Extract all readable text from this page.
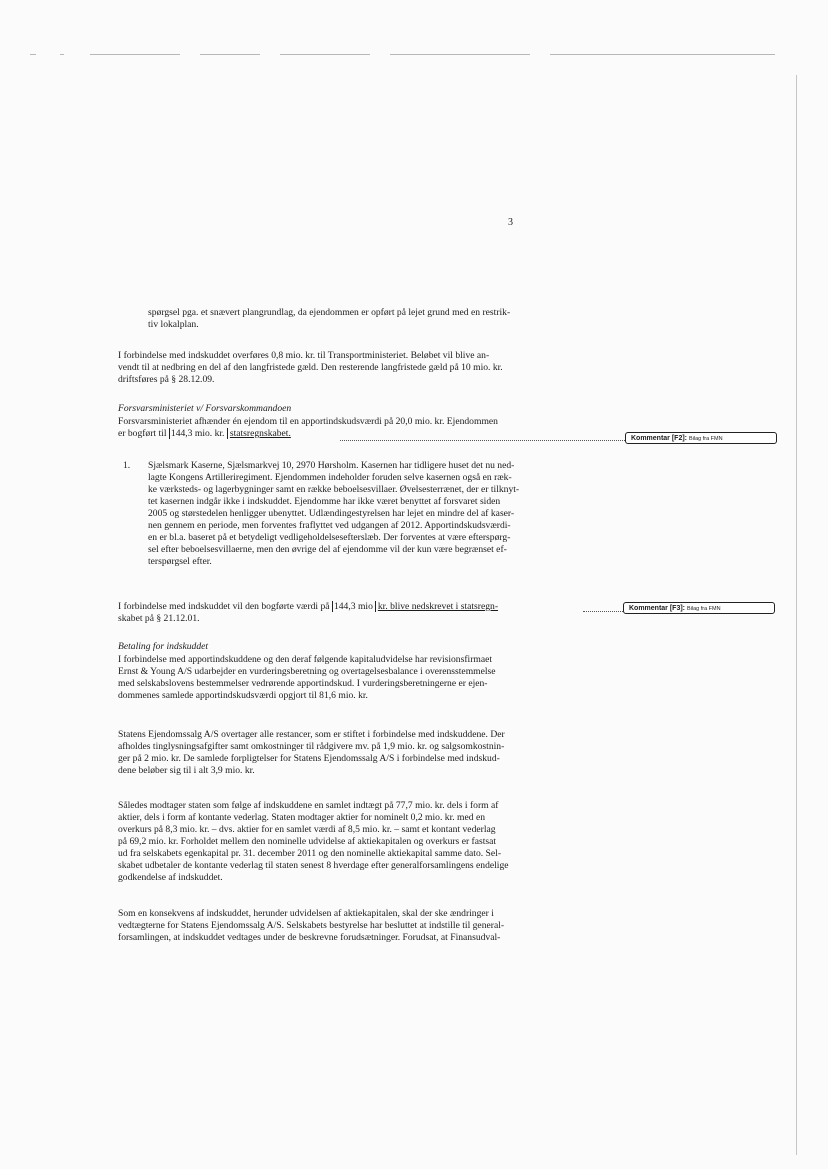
3
spørgsel pga. et snævert plangrundlag, da ejendommen er opført på lejet grund med en restrik-
tiv lokalplan.
I forbindelse med indskuddet overføres 0,8 mio. kr. til Transportministeriet. Beløbet vil blive an-
vendt til at nedbring en del af den langfristede gæld. Den resterende langfristede gæld på 10 mio. kr.
driftsføres på § 28.12.09.
Forsvarsministeriet v/ Forsvarskommandoen
Forsvarsministeriet afhænder én ejendom til en apportindskudsværdi på 20,0 mio. kr. Ejendommen
er bogført til 144,3 mio. kr. statsregnskabet.	Kommentar [F2]: Bilag fra FMN
1. Sjælsmark Kaserne, Sjælsmarkvej 10, 2970 Hørsholm. Kasernen har tidligere huset det nu ned-
lagte Kongens Artilleriregiment. Ejendommen indeholder foruden selve kasernen også en ræk-
ke værksteds- og lagerbygninger samt en række beboelsesvillaer. Øvelsesterrænet, der er tilknyt-
tet kasernen indgår ikke i indskuddet. Ejendomme har ikke været benyttet af forsvaret siden
2005 og størstedelen henligger ubenyttet. Udlændingestyrelsen har lejet en mindre del af kaser-
nen gennem en periode, men forventes fraflyttet ved udgangen af 2012. Apportindskudsværdi-
en er bl.a. baseret på et betydeligt vedligeholdelsesefterslæb. Der forventes at være efterspørg-
sel efter beboelsesvillaerne, men den øvrige del af ejendomme vil der kun være begrænset ef-
terspørgsel efter.
I forbindelse med indskuddet vil den bogførte værdi på 144,3 mio kr. blive nedskrevet i statsregn-
skabet på § 21.12.01.
Kommentar [F3]: Bilag fra FMN
Betaling for indskuddet
I forbindelse med apportindskuddene og den deraf følgende kapitaludvidelse har revisionsfirmaet
Ernst & Young A/S udarbejder en vurderingsberetning og overtagelsesbalance i overensstemmelse
med selskabslovens bestemmelser vedrørende apportindskud. I vurderingsberetningerne er ejen-
dommenes samlede apportindskudsværdi opgjort til 81,6 mio. kr.
Statens Ejendomssalg A/S overtager alle restancer, som er stiftet i forbindelse med indskuddene. Der
afholdes tinglysningsafgifter samt omkostninger til rådgivere mv. på 1,9 mio. kr. og salgsomkostnin-
ger på 2 mio. kr. De samlede forpligtelser for Statens Ejendomssalg A/S i forbindelse med indskud-
dene beløber sig til i alt 3,9 mio. kr.
Således modtager staten som følge af indskuddene en samlet indtægt på 77,7 mio. kr. dels i form af
aktier, dels i form af kontante vederlag. Staten modtager aktier for nominelt 0,2 mio. kr. med en
overkurs på 8,3 mio. kr. – dvs. aktier for en samlet værdi af 8,5 mio. kr. – samt et kontant vederlag
på 69,2 mio. kr. Forholdet mellem den nominelle udvidelse af aktiekapitalen og overkurs er fastsat
ud fra selskabets egenkapital pr. 31. december 2011 og den nominelle aktiekapital samme dato. Sel-
skabet udbetaler de kontante vederlag til staten senest 8 hverdage efter generalforsamlingens endelige
godkendelse af indskuddet.
Som en konsekvens af indskuddet, herunder udvidelsen af aktiekapitalen, skal der ske ændringer i
vedtægterne for Statens Ejendomssalg A/S. Selskabets bestyrelse har besluttet at indstille til general-
forsamlingen, at indskuddet vedtages under de beskrevne forudsætninger. Forudsat, at Finansudval-
